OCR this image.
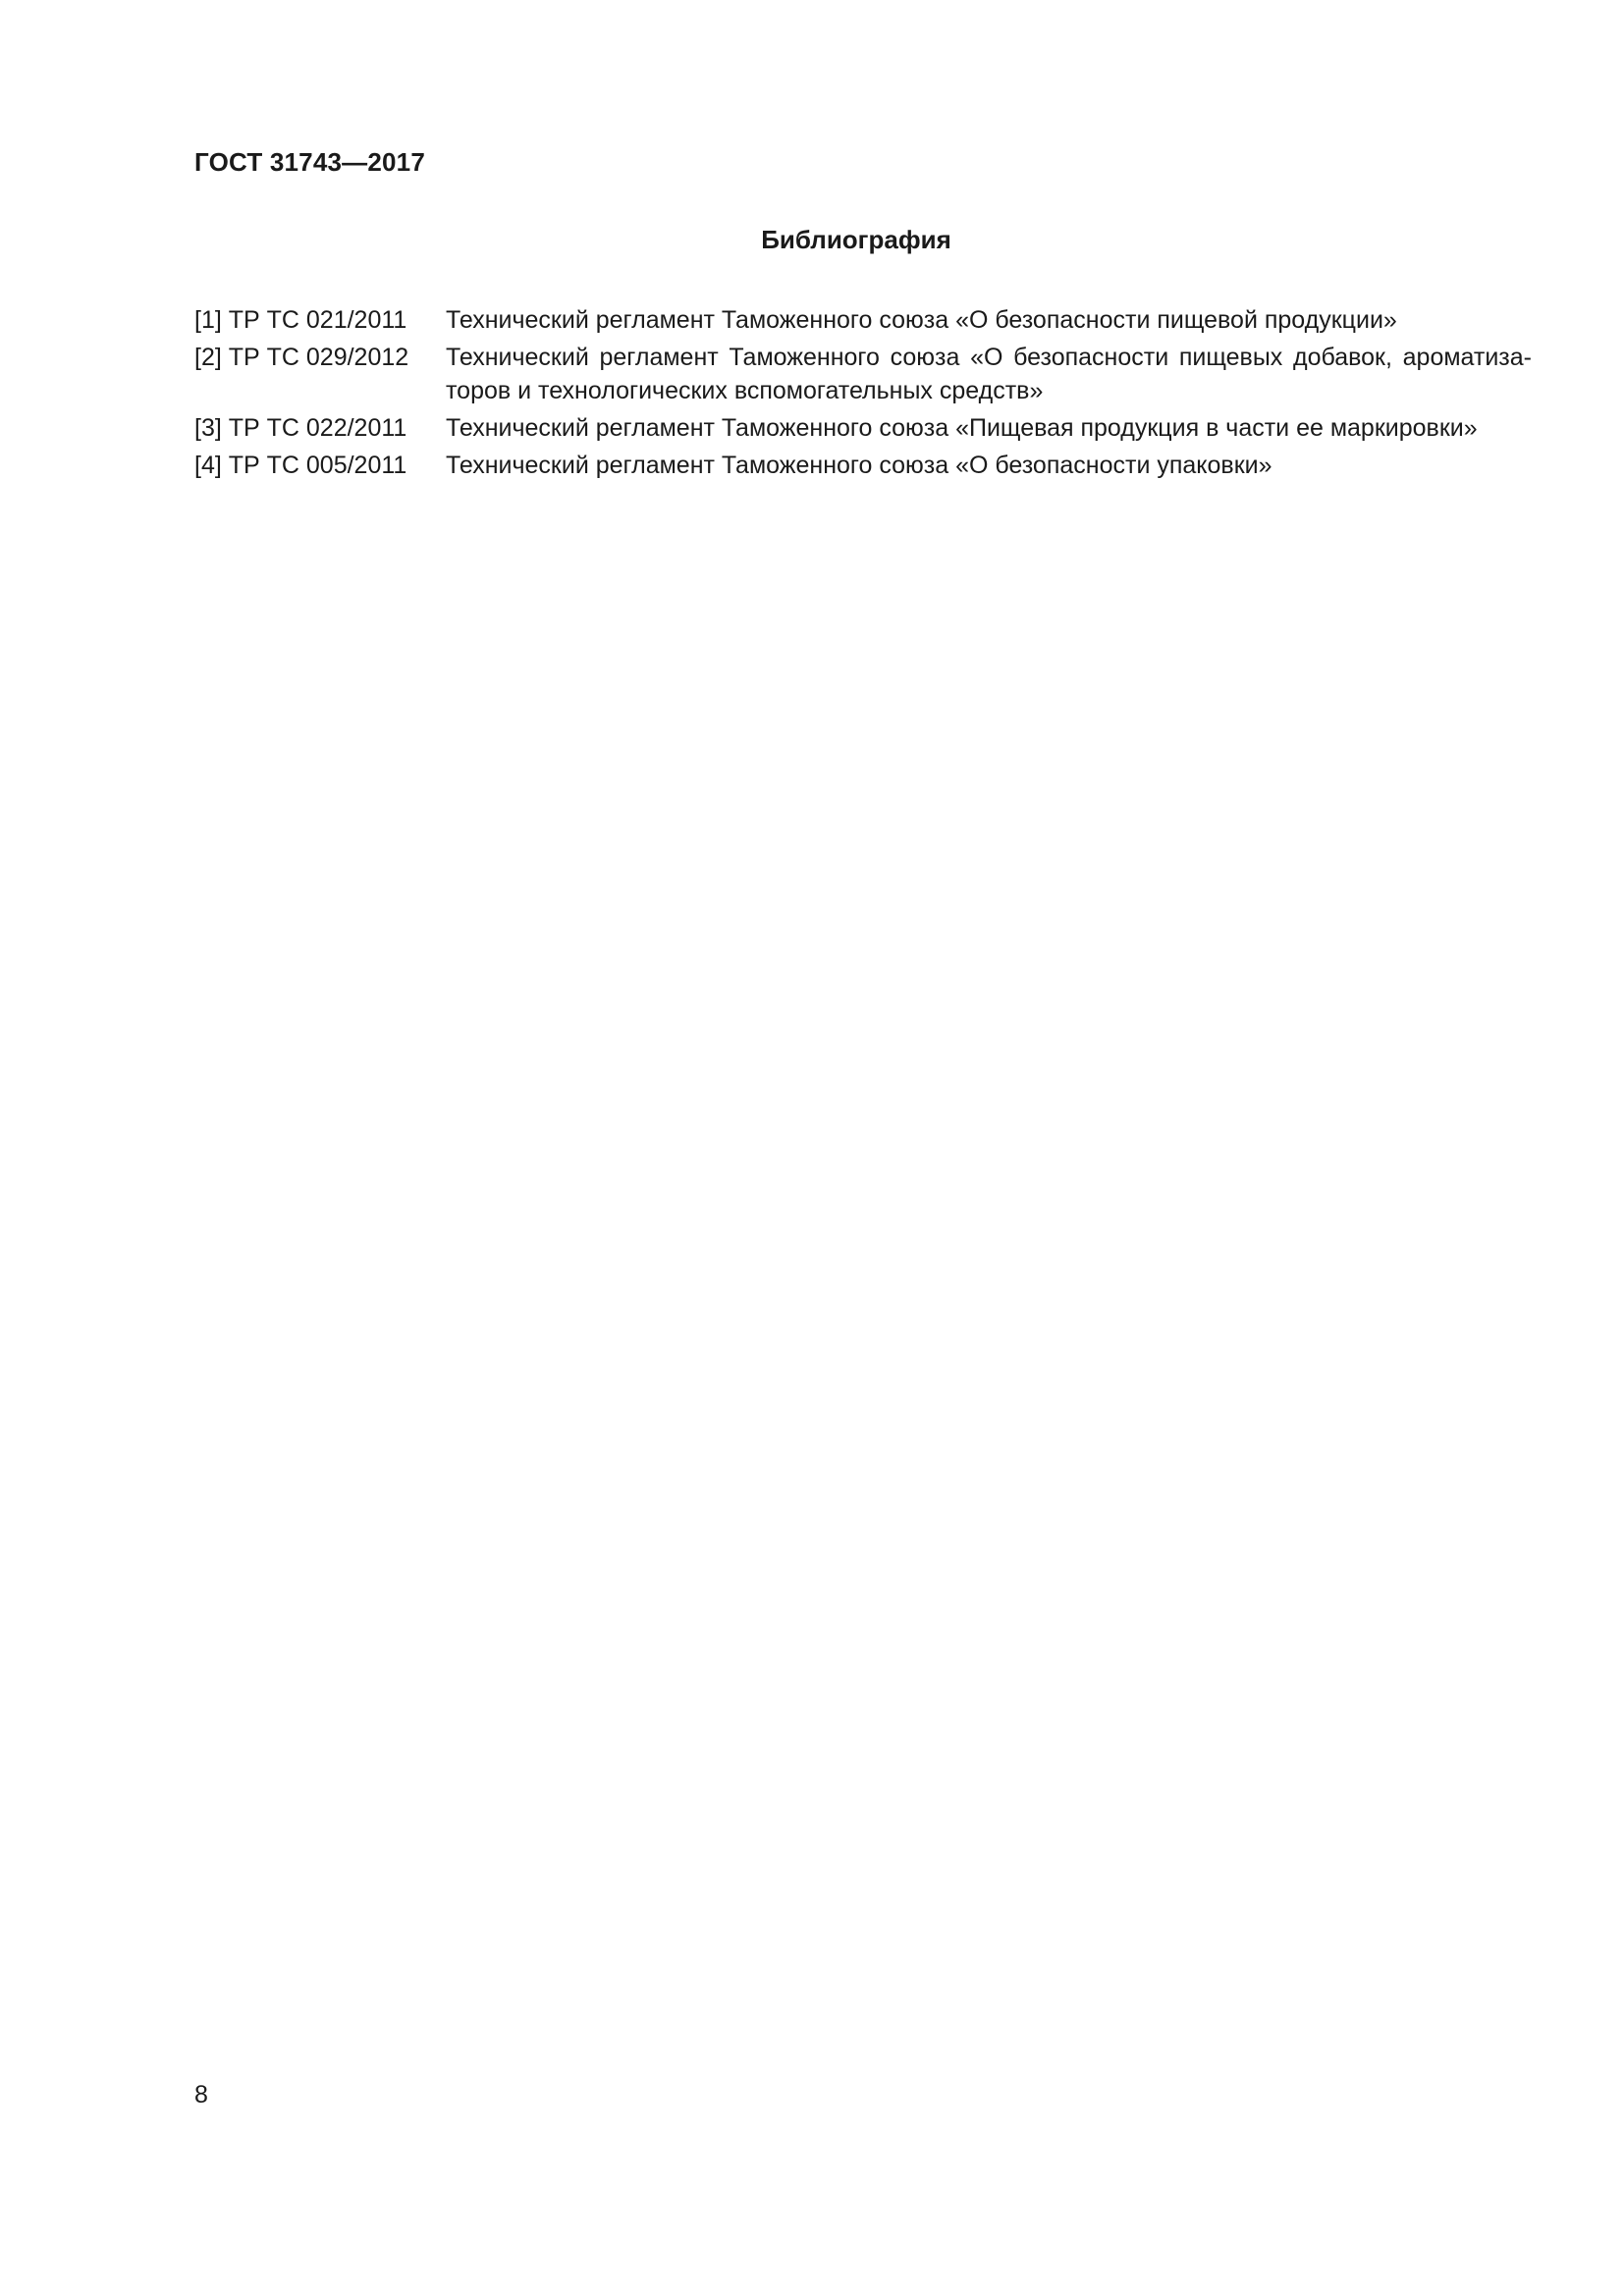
ГОСТ 31743—2017
Библиография
[1] ТР ТС 021/2011	Технический регламент Таможенного союза «О безопасности пищевой продукции»
[2] ТР ТС 029/2012	Технический регламент Таможенного союза «О безопасности пищевых добавок, ароматиза-
торов и технологических вспомогательных средств»
[3] ТР ТС 022/2011	Технический регламент Таможенного союза «Пищевая продукция в части ее маркировки»
[4] ТР ТС 005/2011	Технический регламент Таможенного союза «О безопасности упаковки»
8
